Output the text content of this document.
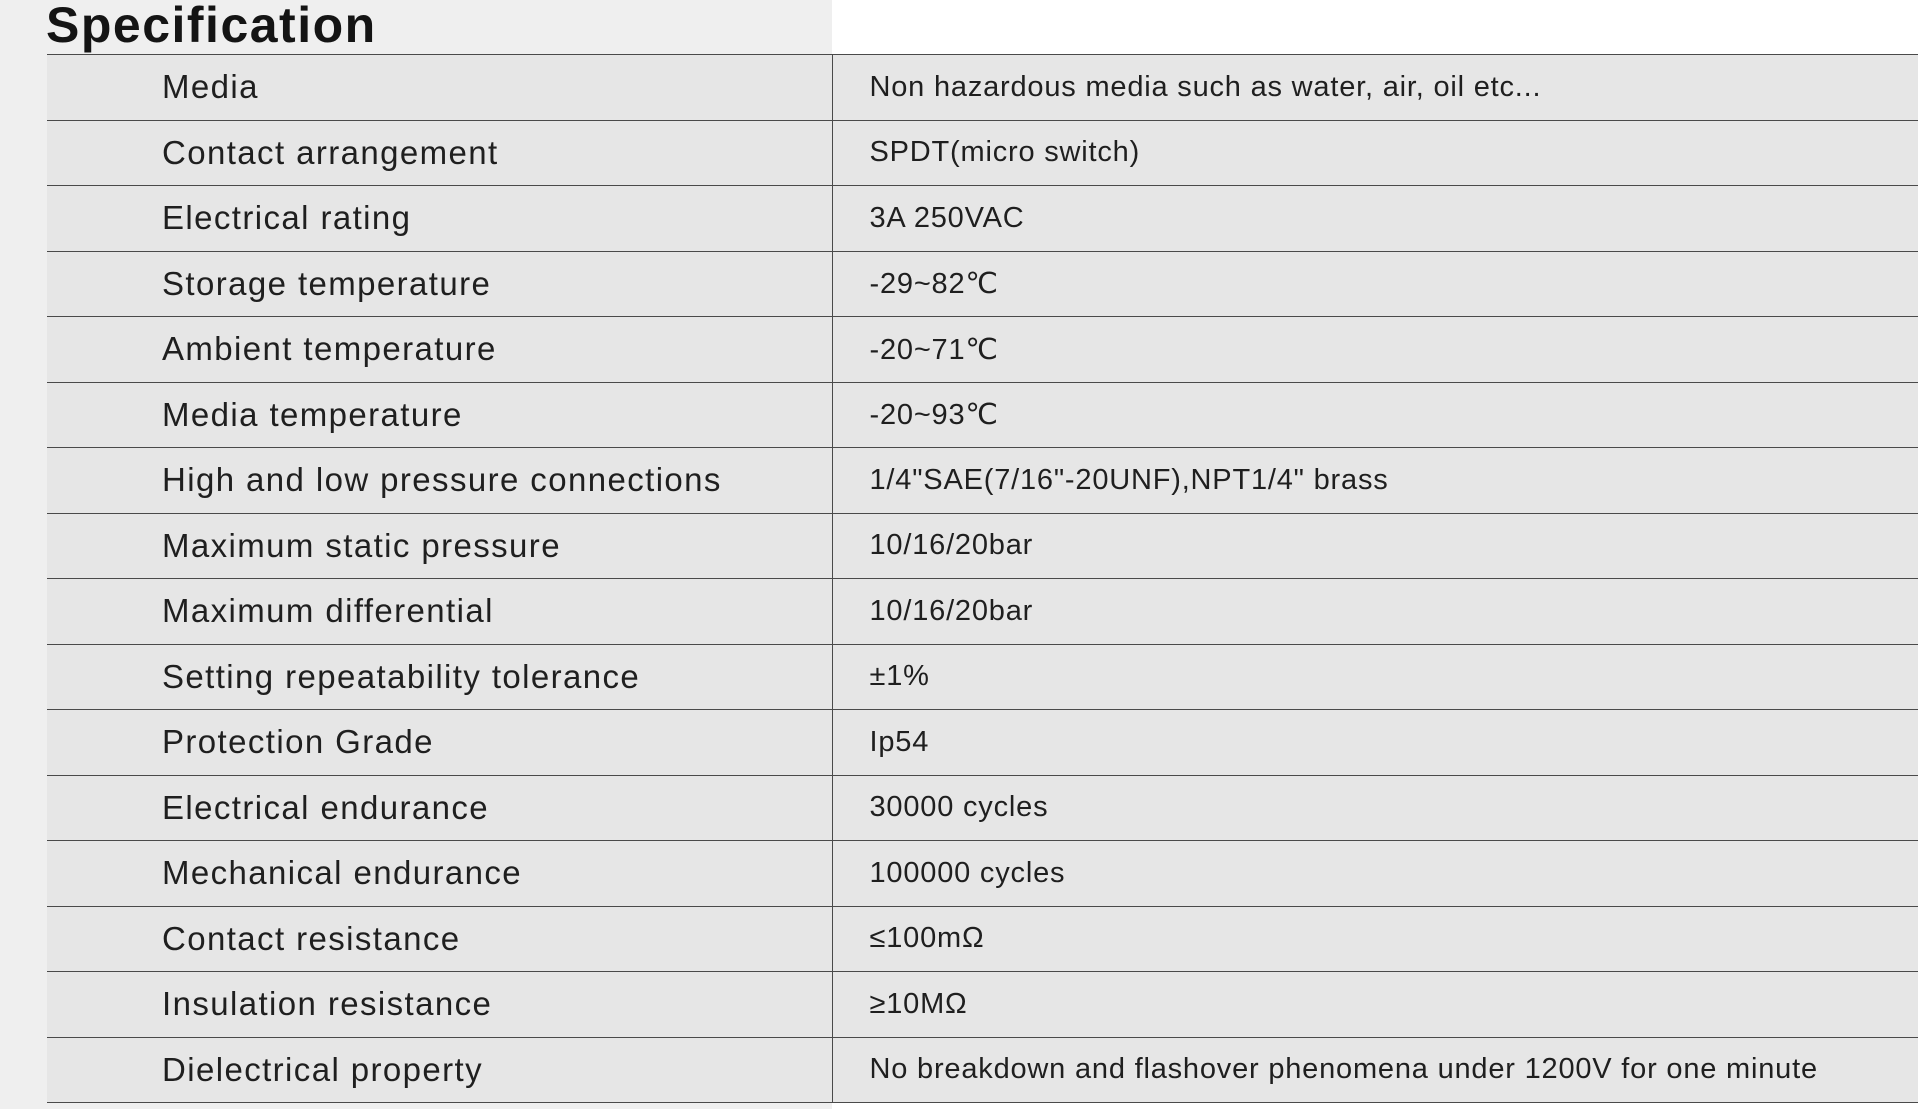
Specification
Media	Non hazardous media such as water, air, oil etc...
Contact arrangement	SPDT(micro switch)
Electrical rating	3A 250VAC
Storage temperature	-29~82℃
Ambient temperature	-20~71℃
Media temperature	-20~93℃
High and low pressure connections	1/4"SAE(7/16"-20UNF),NPT1/4" brass
Maximum static pressure	10/16/20bar
Maximum differential	10/16/20bar
Setting repeatability tolerance	±1%
Protection Grade	Ip54
Electrical endurance	30000 cycles
Mechanical endurance	100000 cycles
Contact resistance	≤100mΩ
Insulation resistance	≥10MΩ
Dielectrical property	No breakdown and flashover phenomena under 1200V for one minute
